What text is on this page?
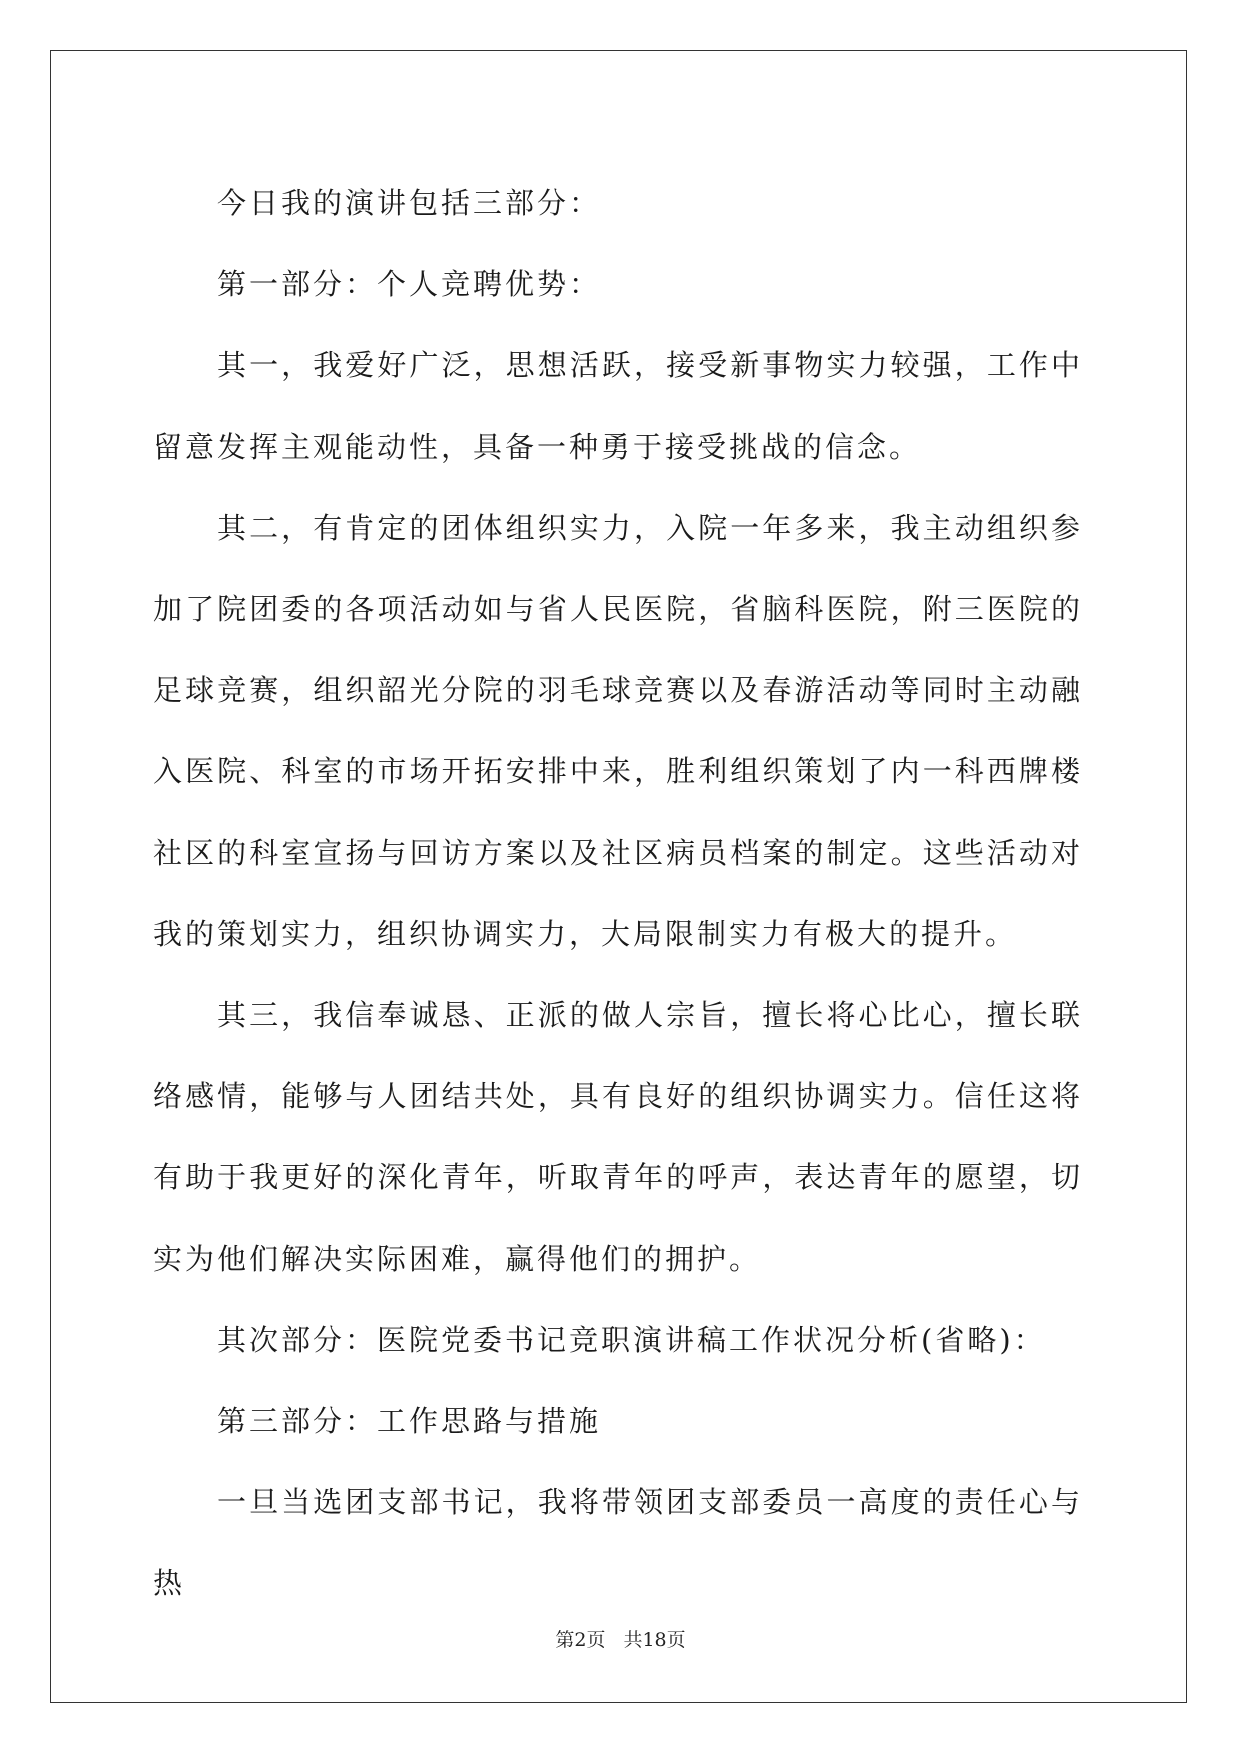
今日我的演讲包括三部分：

第一部分：个人竞聘优势：

其一，我爱好广泛，思想活跃，接受新事物实力较强，工作中留意发挥主观能动性，具备一种勇于接受挑战的信念。

其二，有肯定的团体组织实力，入院一年多来，我主动组织参加了院团委的各项活动如与省人民医院，省脑科医院，附三医院的足球竞赛，组织韶光分院的羽毛球竞赛以及春游活动等同时主动融入医院、科室的市场开拓安排中来，胜利组织策划了内一科西牌楼社区的科室宣扬与回访方案以及社区病员档案的制定。这些活动对我的策划实力，组织协调实力，大局限制实力有极大的提升。

其三，我信奉诚恳、正派的做人宗旨，擅长将心比心，擅长联络感情，能够与人团结共处，具有良好的组织协调实力。信任这将有助于我更好的深化青年，听取青年的呼声，表达青年的愿望，切实为他们解决实际困难，赢得他们的拥护。

其次部分：医院党委书记竞职演讲稿工作状况分析(省略)：

第三部分：工作思路与措施

一旦当选团支部书记，我将带领团支部委员一高度的责任心与热

第2页 共18页
